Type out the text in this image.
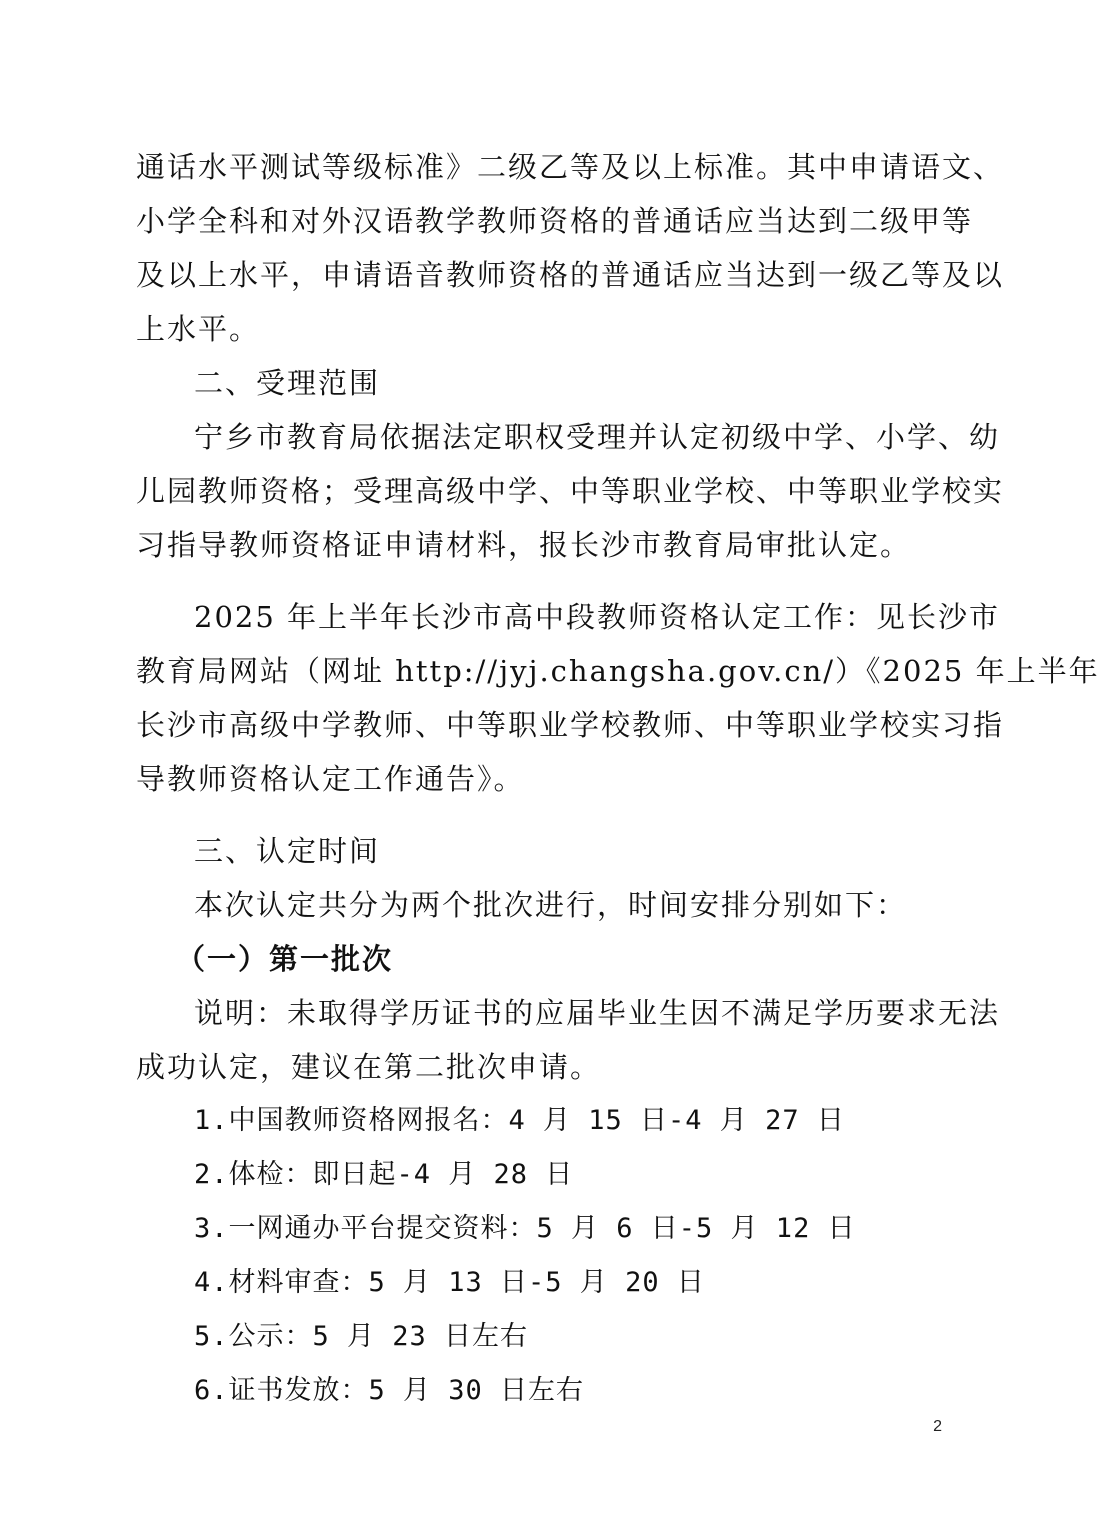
通话水平测试等级标准》二级乙等及以上标准。其中申请语文、
小学全科和对外汉语教学教师资格的普通话应当达到二级甲等
及以上水平，申请语音教师资格的普通话应当达到一级乙等及以
上水平。
二、受理范围
宁乡市教育局依据法定职权受理并认定初级中学、小学、幼
儿园教师资格；受理高级中学、中等职业学校、中等职业学校实
习指导教师资格证申请材料，报长沙市教育局审批认定。
2025 年上半年长沙市高中段教师资格认定工作：见长沙市
教育局网站（网址 http://jyj.changsha.gov.cn/）《2025 年上半年
长沙市高级中学教师、中等职业学校教师、中等职业学校实习指
导教师资格认定工作通告》。
三、认定时间
本次认定共分为两个批次进行，时间安排分别如下：
（一）第一批次
说明：未取得学历证书的应届毕业生因不满足学历要求无法
成功认定，建议在第二批次申请。
1.中国教师资格网报名：4 月 15 日-4 月 27 日
2.体检：即日起-4 月 28 日
3.一网通办平台提交资料：5 月 6 日-5 月 12 日
4.材料审查：5 月 13 日-5 月 20 日
5.公示：5 月 23 日左右
6.证书发放：5 月 30 日左右
2
